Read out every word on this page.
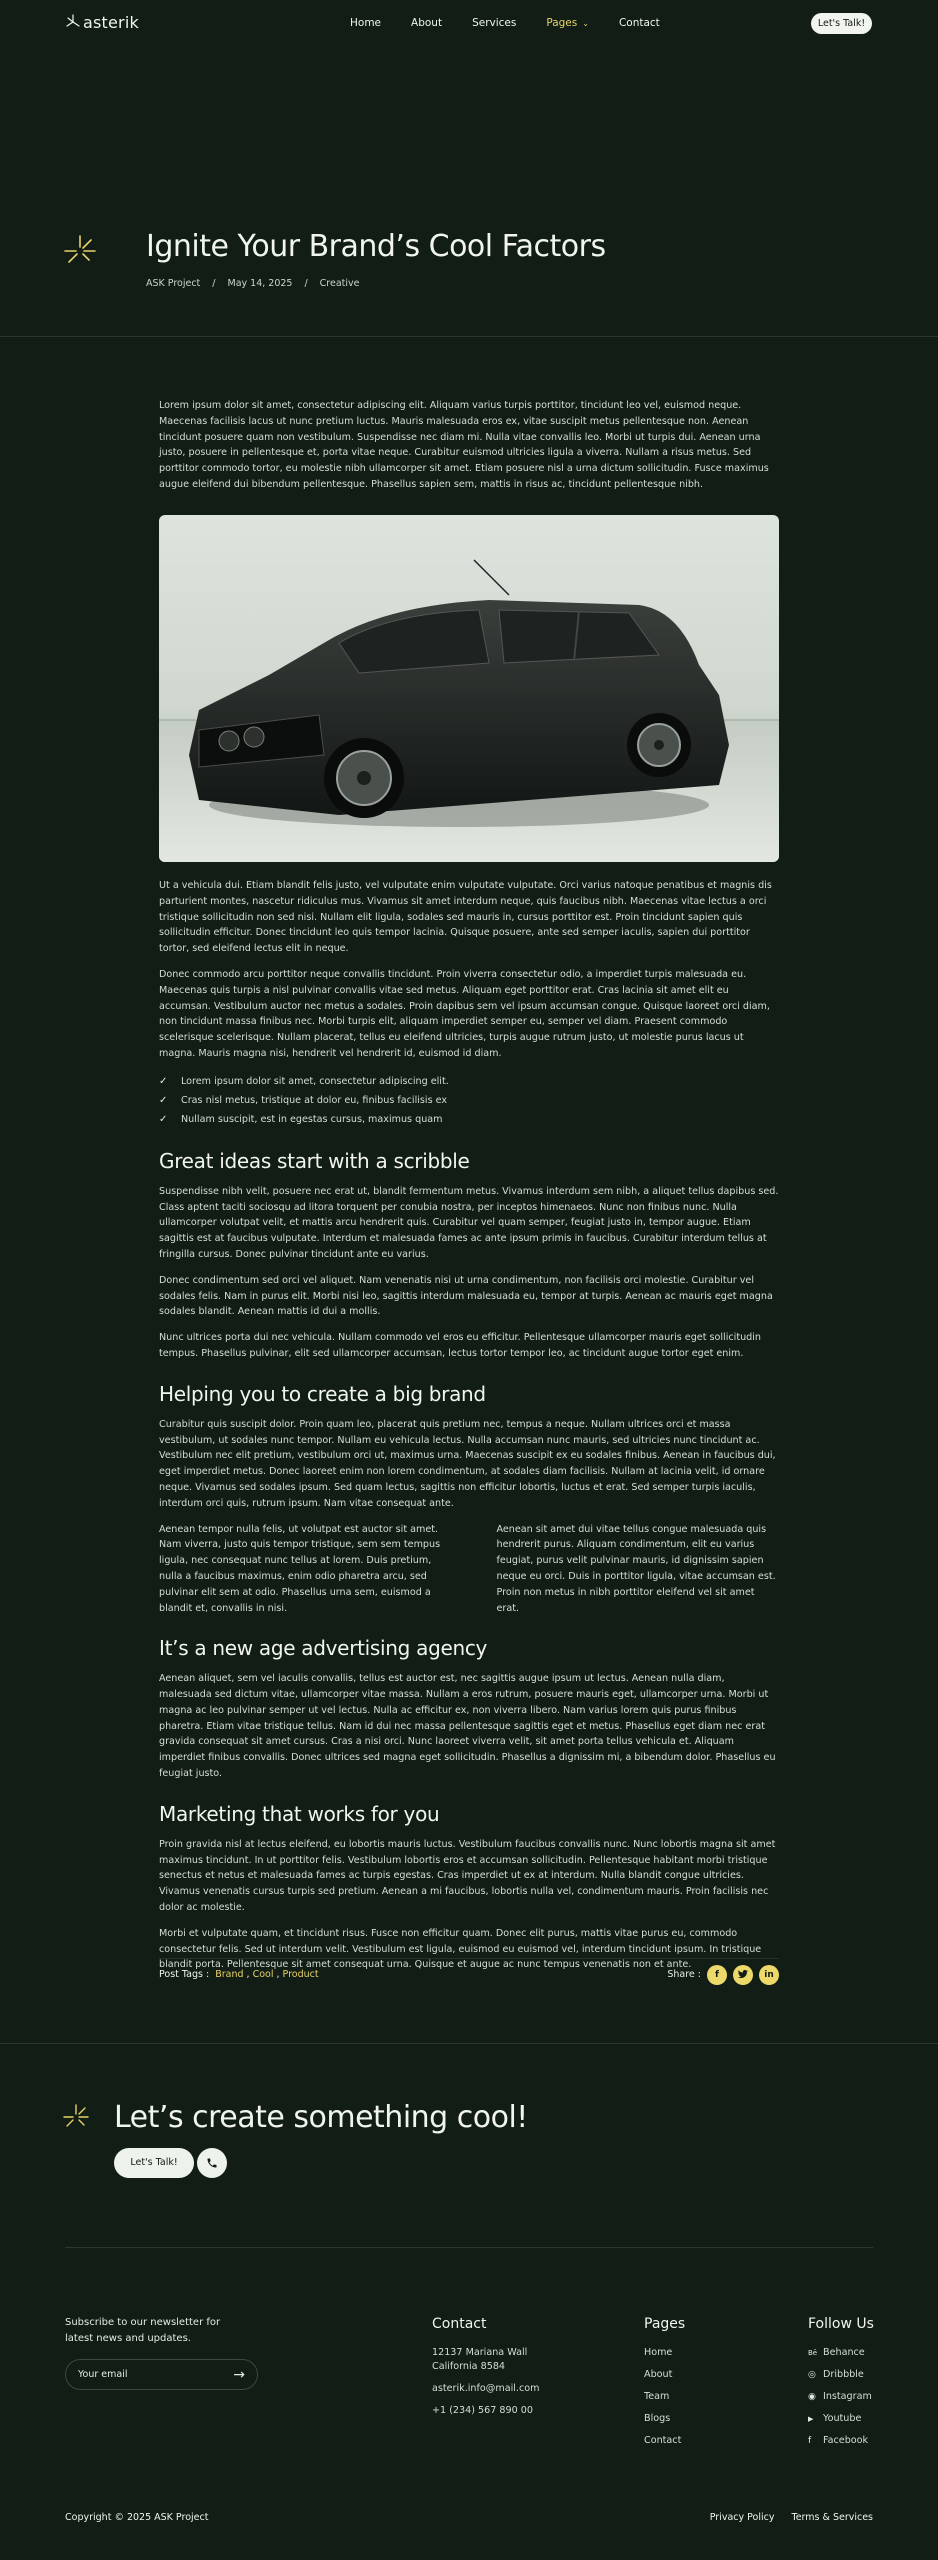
asterik	Home	About	Services	Pages ⌄	Contact	Let's Talk!
Ignite Your Brand’s Cool Factors
ASK Project / May 14, 2025 / Creative

Lorem ipsum dolor sit amet, consectetur adipiscing elit. Aliquam varius turpis porttitor, tincidunt leo vel, euismod neque. Maecenas facilisis lacus ut nunc pretium luctus. Mauris malesuada eros ex, vitae suscipit metus pellentesque non. Aenean tincidunt posuere quam non vestibulum. Suspendisse nec diam mi. Nulla vitae convallis leo. Morbi ut turpis dui. Aenean urna justo, posuere in pellentesque et, porta vitae neque. Curabitur euismod ultricies ligula a viverra. Nullam a risus metus. Sed porttitor commodo tortor, eu molestie nibh ullamcorper sit amet. Etiam posuere nisl a urna dictum sollicitudin. Fusce maximus augue eleifend dui bibendum pellentesque. Phasellus sapien sem, mattis in risus ac, tincidunt pellentesque nibh.

Ut a vehicula dui. Etiam blandit felis justo, vel vulputate enim vulputate vulputate. Orci varius natoque penatibus et magnis dis parturient montes, nascetur ridiculus mus. Vivamus sit amet interdum neque, quis faucibus nibh. Maecenas vitae lectus a orci tristique sollicitudin non sed nisi. Nullam elit ligula, sodales sed mauris in, cursus porttitor est. Proin tincidunt sapien quis sollicitudin efficitur. Donec tincidunt leo quis tempor lacinia. Quisque posuere, ante sed semper iaculis, sapien dui porttitor tortor, sed eleifend lectus elit in neque.

Donec commodo arcu porttitor neque convallis tincidunt. Proin viverra consectetur odio, a imperdiet turpis malesuada eu. Maecenas quis turpis a nisl pulvinar convallis vitae sed metus. Aliquam eget porttitor erat. Cras lacinia sit amet elit eu accumsan. Vestibulum auctor nec metus a sodales. Proin dapibus sem vel ipsum accumsan congue. Quisque laoreet orci diam, non tincidunt massa finibus nec. Morbi turpis elit, aliquam imperdiet semper eu, semper vel diam. Praesent commodo scelerisque scelerisque. Nullam placerat, tellus eu eleifend ultricies, turpis augue rutrum justo, ut molestie purus lacus ut magna. Mauris magna nisi, hendrerit vel hendrerit id, euismod id diam.

✓	Lorem ipsum dolor sit amet, consectetur adipiscing elit.
✓	Cras nisl metus, tristique at dolor eu, finibus facilisis ex
✓	Nullam suscipit, est in egestas cursus, maximus quam
Great ideas start with a scribble

Suspendisse nibh velit, posuere nec erat ut, blandit fermentum metus. Vivamus interdum sem nibh, a aliquet tellus dapibus sed. Class aptent taciti sociosqu ad litora torquent per conubia nostra, per inceptos himenaeos. Nunc non finibus nunc. Nulla ullamcorper volutpat velit, et mattis arcu hendrerit quis. Curabitur vel quam semper, feugiat justo in, tempor augue. Etiam sagittis est at faucibus vulputate. Interdum et malesuada fames ac ante ipsum primis in faucibus. Curabitur interdum tellus at fringilla cursus. Donec pulvinar tincidunt ante eu varius.

Donec condimentum sed orci vel aliquet. Nam venenatis nisi ut urna condimentum, non facilisis orci molestie. Curabitur vel sodales felis. Nam in purus elit. Morbi nisi leo, sagittis interdum malesuada eu, tempor at turpis. Aenean ac mauris eget magna sodales blandit. Aenean mattis id dui a mollis.

Nunc ultrices porta dui nec vehicula. Nullam commodo vel eros eu efficitur. Pellentesque ullamcorper mauris eget sollicitudin tempus. Phasellus pulvinar, elit sed ullamcorper accumsan, lectus tortor tempor leo, ac tincidunt augue tortor eget enim.

Helping you to create a big brand

Curabitur quis suscipit dolor. Proin quam leo, placerat quis pretium nec, tempus a neque. Nullam ultrices orci et massa vestibulum, ut sodales nunc tempor. Nullam eu vehicula lectus. Nulla accumsan nunc mauris, sed ultricies nunc tincidunt ac. Vestibulum nec elit pretium, vestibulum orci ut, maximus urna. Maecenas suscipit ex eu sodales finibus. Aenean in faucibus dui, eget imperdiet metus. Donec laoreet enim non lorem condimentum, at sodales diam facilisis. Nullam at lacinia velit, id ornare neque. Vivamus sed sodales ipsum. Sed quam lectus, sagittis non efficitur lobortis, luctus et erat. Sed semper turpis iaculis, interdum orci quis, rutrum ipsum. Nam vitae consequat ante.

Aenean tempor nulla felis, ut volutpat est auctor sit amet. Nam viverra, justo quis tempor tristique, sem sem tempus ligula, nec consequat nunc tellus at lorem. Duis pretium, nulla a faucibus maximus, enim odio pharetra arcu, sed pulvinar elit sem at odio. Phasellus urna sem, euismod a blandit et, convallis in nisi.

Aenean sit amet dui vitae tellus congue malesuada quis hendrerit purus. Aliquam condimentum, elit eu varius feugiat, purus velit pulvinar mauris, id dignissim sapien neque eu orci. Duis in porttitor ligula, vitae accumsan est. Proin non metus in nibh porttitor eleifend vel sit amet erat.

It’s a new age advertising agency

Aenean aliquet, sem vel iaculis convallis, tellus est auctor est, nec sagittis augue ipsum ut lectus. Aenean nulla diam, malesuada sed dictum vitae, ullamcorper vitae massa. Nullam a eros rutrum, posuere mauris eget, ullamcorper urna. Morbi ut magna ac leo pulvinar semper ut vel lectus. Nulla ac efficitur ex, non viverra libero. Nam varius lorem quis purus finibus pharetra. Etiam vitae tristique tellus. Nam id dui nec massa pellentesque sagittis eget et metus. Phasellus eget diam nec erat gravida consequat sit amet cursus. Cras a nisi orci. Nunc laoreet viverra velit, sit amet porta tellus vehicula et. Aliquam imperdiet finibus convallis. Donec ultrices sed magna eget sollicitudin. Phasellus a dignissim mi, a bibendum dolor. Phasellus eu feugiat justo.

Marketing that works for you

Proin gravida nisl at lectus eleifend, eu lobortis mauris luctus. Vestibulum faucibus convallis nunc. Nunc lobortis magna sit amet maximus tincidunt. In ut porttitor felis. Vestibulum lobortis eros et accumsan sollicitudin. Pellentesque habitant morbi tristique senectus et netus et malesuada fames ac turpis egestas. Cras imperdiet ut ex at interdum. Nulla blandit congue ultricies. Vivamus venenatis cursus turpis sed pretium. Aenean a mi faucibus, lobortis nulla vel, condimentum mauris. Proin facilisis nec dolor ac molestie.

Morbi et vulputate quam, et tincidunt risus. Fusce non efficitur quam. Donec elit purus, mattis vitae purus eu, commodo consectetur felis. Sed ut interdum velit. Vestibulum est ligula, euismod eu euismod vel, interdum tincidunt ipsum. In tristique blandit porta. Pellentesque sit amet consequat urna. Quisque et augue ac nunc tempus venenatis non et ante.

Post Tags : Brand , Cool , Product	Share :	f	in
Let’s create something cool!
Let's Talk!
Subscribe to our newsletter for latest news and updates.
Your email
→
Contact
12137 Mariana Wall
California 8584
asterik.info@mail.com
+1 (234) 567 890 00
Pages
Home
About
Team
Blogs
Contact
Follow Us
Bē Behance
◎ Dribbble
◉ Instagram
▶	Youtube
f	Facebook
Copyright © 2025 ASK Project	Privacy Policy Terms & Services
